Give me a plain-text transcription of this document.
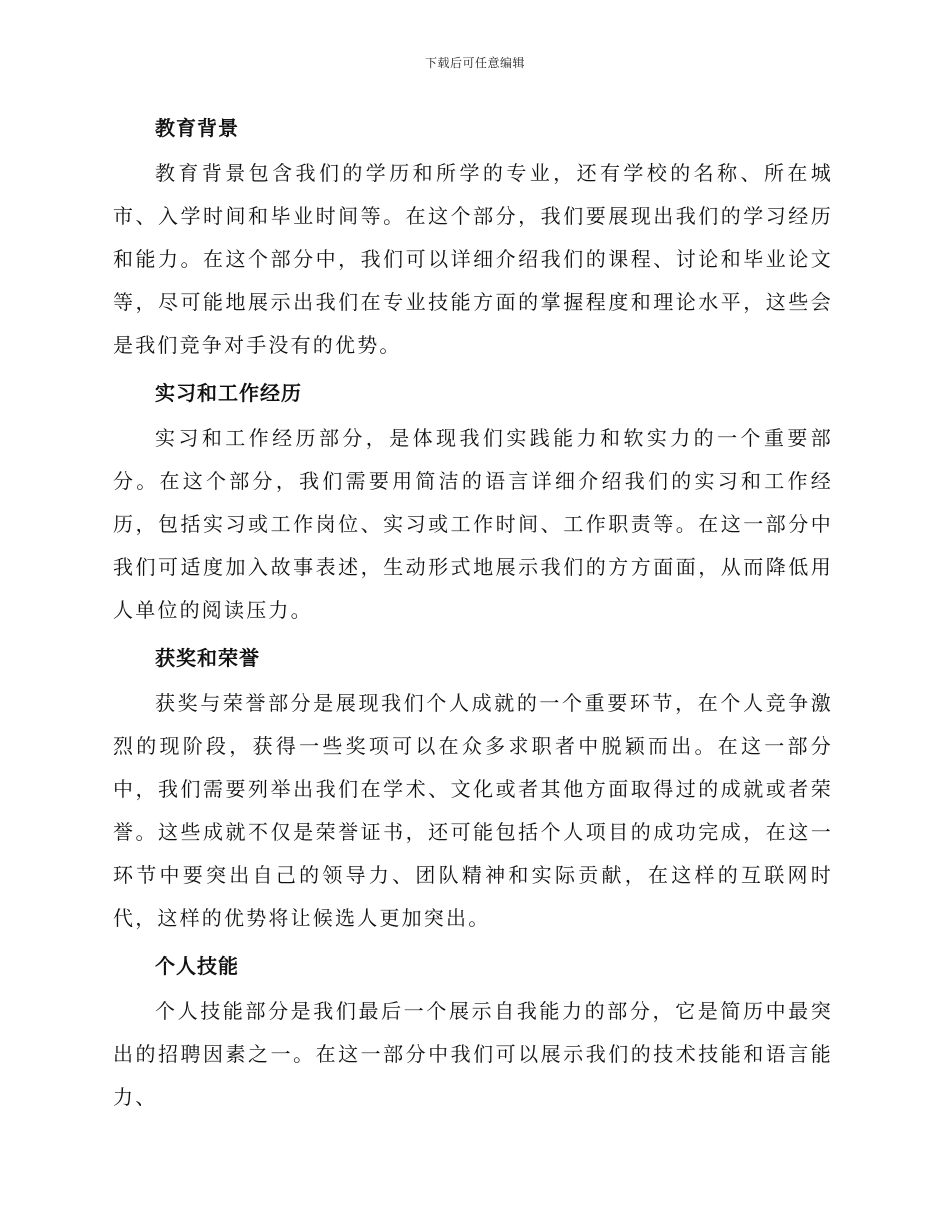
下载后可任意编辑
教育背景

教育背景包含我们的学历和所学的专业，还有学校的名称、所在城市、入学时间和毕业时间等。在这个部分，我们要展现出我们的学习经历和能力。在这个部分中，我们可以详细介绍我们的课程、讨论和毕业论文等，尽可能地展示出我们在专业技能方面的掌握程度和理论水平，这些会是我们竞争对手没有的优势。

实习和工作经历

实习和工作经历部分，是体现我们实践能力和软实力的一个重要部分。在这个部分，我们需要用简洁的语言详细介绍我们的实习和工作经历，包括实习或工作岗位、实习或工作时间、工作职责等。在这一部分中我们可适度加入故事表述，生动形式地展示我们的方方面面，从而降低用人单位的阅读压力。

获奖和荣誉

获奖与荣誉部分是展现我们个人成就的一个重要环节，在个人竞争激烈的现阶段，获得一些奖项可以在众多求职者中脱颖而出。在这一部分中，我们需要列举出我们在学术、文化或者其他方面取得过的成就或者荣誉。这些成就不仅是荣誉证书，还可能包括个人项目的成功完成，在这一环节中要突出自己的领导力、团队精神和实际贡献，在这样的互联网时代，这样的优势将让候选人更加突出。

个人技能

个人技能部分是我们最后一个展示自我能力的部分，它是简历中最突出的招聘因素之一。在这一部分中我们可以展示我们的技术技能和语言能力、
